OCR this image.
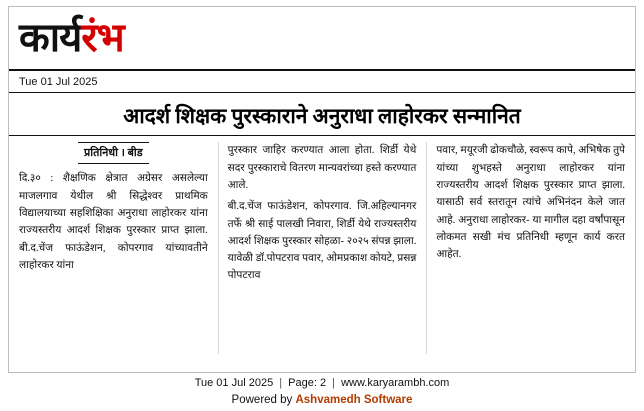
कार्यरंभ
Tue 01 Jul 2025
आदर्श शिक्षक पुरस्काराने अनुराधा लाहोरकर सन्मानित
प्रतिनिधी । बीड

दि.३० : शैक्षणिक क्षेत्रात अग्रेसर असलेल्या माजलगाव येथील श्री सिद्धेश्वर प्राथमिक विद्यालयाच्या सहशिक्षिका अनुराधा लाहोरकर यांना राज्यस्तरीय आदर्श शिक्षक पुरस्कार प्राप्त झाला. बी.द.चेंज फाऊंडेशन, कोपरगाव यांच्यावतीने लाहोरकर यांना

पुरस्कार जाहिर करण्यात आला होता. शिर्डी येथे सदर पुरस्काराचे वितरण मान्यवरांच्या हस्ते करण्यात आले.

बी.द.चेंज फाऊंडेशन, कोपरगाव. जि.अहिल्यानगर तर्फे श्री साई पालखी निवारा, शिर्डी येथे राज्यस्तरीय आदर्श शिक्षक पुरस्कार सोहळा- २०२५ संपन्न झाला. यावेळी डॉ.पोपटराव पवार, ओमप्रकाश कोयटे, प्रसन्न पोपटराव

पवार, मयूरजी ढोकचौळे, स्वरूप कापे, अभिषेक तुपे यांच्या शुभहस्ते अनुराधा लाहोरकर यांना राज्यस्तरीय आदर्श शिक्षक पुरस्कार प्राप्त झाला. यासाठी सर्व स्तरातून त्यांचे अभिनंदन केले जात आहे. अनुराधा लाहोरकर- या मागील दहा वर्षांपासून लोकमत सखी मंच प्रतिनिधी म्हणून कार्य करत आहेत.

Tue 01 Jul 2025 | Page: 2 | www.karyarambh.com
Powered by Ashvamedh Software
